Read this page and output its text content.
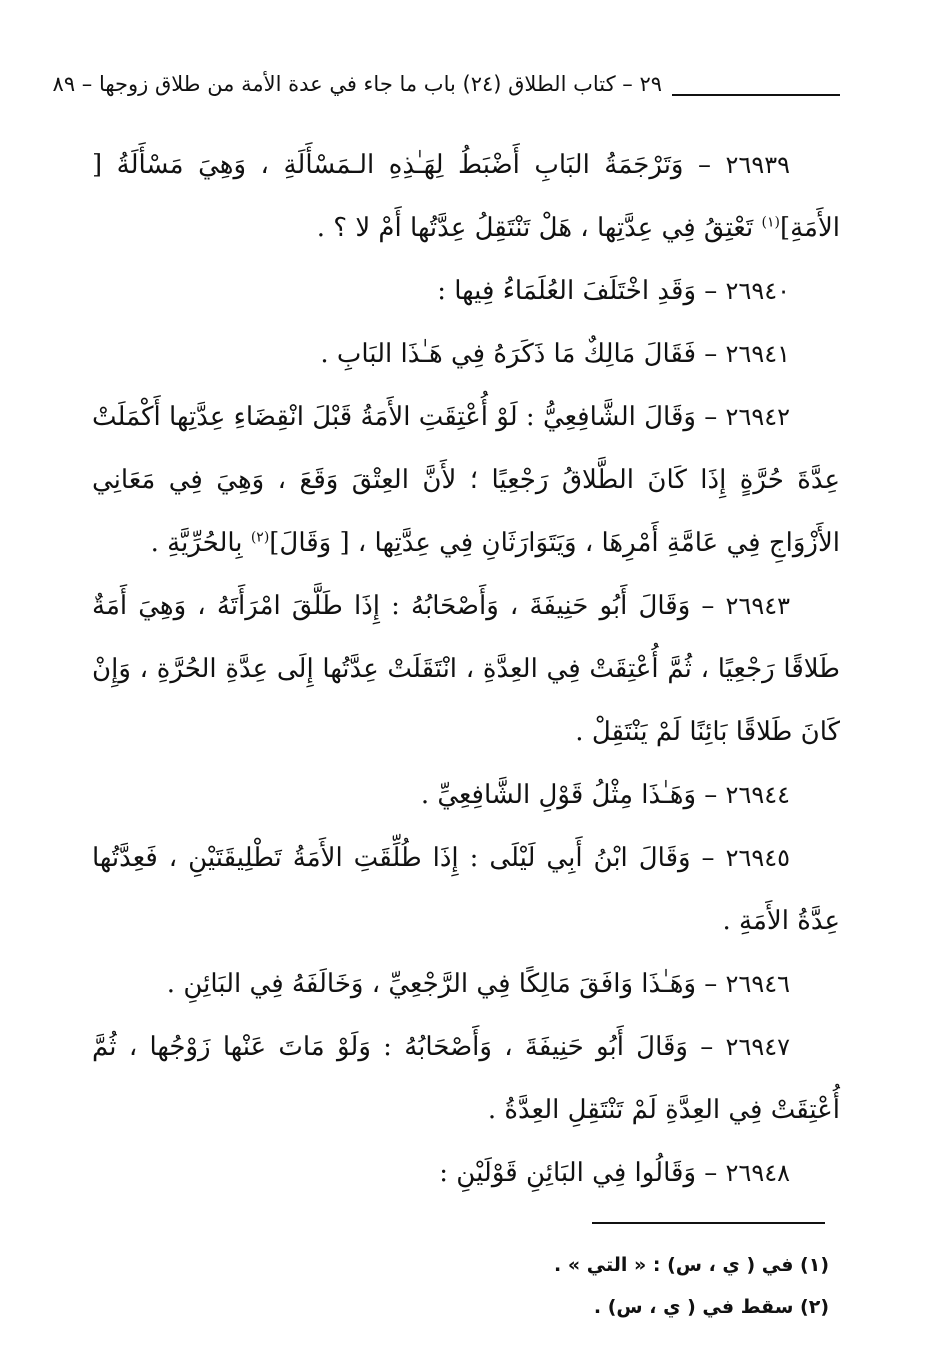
٢٩ – كتاب الطلاق (٢٤) باب ما جاء في عدة الأمة من طلاق زوجها – ٨٩

٢٦٩٣٩ – وَتَرْجَمَةُ البَابِ أَضْبَطُ لِهَـٰذِهِ الـمَسْأَلَةِ ، وَهِيَ مَسْأَلَةُ [ الأَمَةِ]$^{(١)}$ تَعْتِقُ فِي عِدَّتِها ، هَلْ تَنْتَقِلُ عِدَّتُها أَمْ لا ؟ .

٢٦٩٤٠ – وَقَدِ اخْتَلَفَ العُلَمَاءُ فِيها :

٢٦٩٤١ – فَقَالَ مَالِكٌ مَا ذَكَرَهُ فِي هَـٰذَا البَابِ .

٢٦٩٤٢ – وَقَالَ الشَّافِعِيُّ : لَوْ أُعْتِقَتِ الأَمَةُ قَبْلَ انْقِضَاءِ عِدَّتِها أَكْمَلَتْ عِدَّةَ حُرَّةٍ إِذَا كَانَ الطَّلاقُ رَجْعِيًا ؛ لأَنَّ العِتْقَ وَقَعَ ، وَهِيَ فِي مَعَانِي الأَزْوَاجِ فِي عَامَّةِ أَمْرِهَا ، وَيَتَوَارَثَانِ فِي عِدَّتِها ، [ وَقَالَ]$^{(٢)}$ بِالحُرِّيَّةِ .

٢٦٩٤٣ – وَقَالَ أَبُو حَنِيفَةَ ، وَأَصْحَابُهُ : إِذَا طَلَّقَ امْرَأَتَهُ ، وَهِيَ أَمَةٌ طَلاقًا رَجْعِيًا ، ثُمَّ أُعْتِقَتْ فِي العِدَّةِ ، انْتَقَلَتْ عِدَّتُها إِلَى عِدَّةِ الحُرَّةِ ، وَإِنْ كَانَ طَلاقًا بَائِنًا لَمْ يَنْتَقِلْ .

٢٦٩٤٤ – وَهَـٰذَا مِثْلُ قَوْلِ الشَّافِعِيِّ .

٢٦٩٤٥ – وَقَالَ ابْنُ أَبِي لَيْلَى : إِذَا طُلِّقَتِ الأَمَةُ تَطْلِيقَتَيْنِ ، فَعِدَّتُها عِدَّةُ الأَمَةِ .

٢٦٩٤٦ – وَهَـٰذَا وَافَقَ مَالِكًا فِي الرَّجْعِيِّ ، وَخَالَفَهُ فِي البَائِنِ .

٢٦٩٤٧ – وَقَالَ أَبُو حَنِيفَةَ ، وَأَصْحَابُهُ : وَلَوْ مَاتَ عَنْها زَوْجُها ، ثُمَّ أُعْتِقَتْ فِي العِدَّةِ لَمْ تَنْتَقِلِ العِدَّةُ .

٢٦٩٤٨ – وَقَالُوا فِي البَائِنِ قَوْلَيْنِ :

(١) في ( ي ، س) : « التي » .

(٢) سقط في ( ي ، س) .
